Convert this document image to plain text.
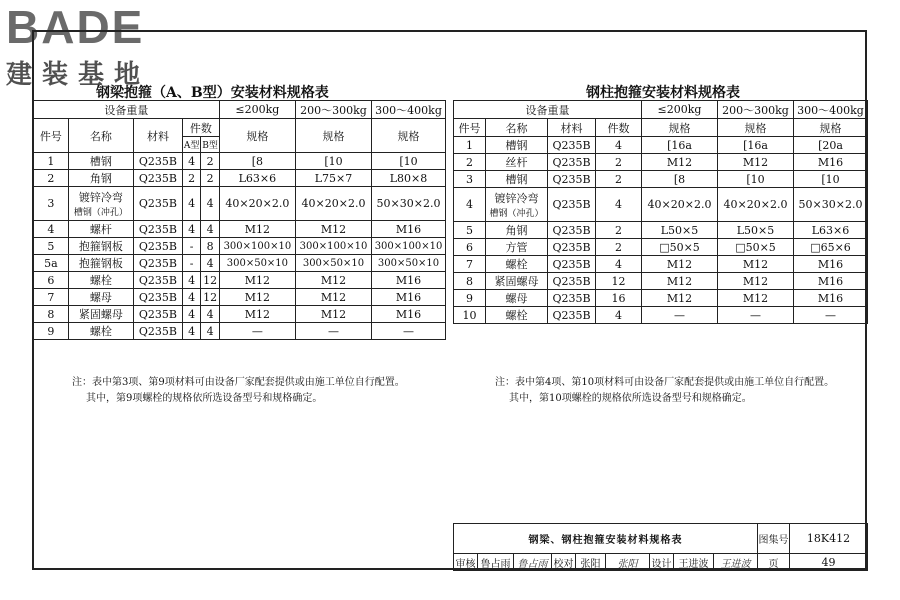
BADE
建装基地
钢梁抱箍（A、B型）安装材料规格表
设备重量					≤200kg	200～300kg	300～400kg
件号	名称	材料	件数		规格	规格	规格
			A型	B型			
1	槽钢	Q235B	4	2	[8	[10	[10
2	角钢	Q235B	2	2	L63×6	L75×7	L80×8
3	镀锌冷弯
槽钢（冲孔）	Q235B	4	4	40×20×2.0	40×20×2.0	50×30×2.0
4	螺杆	Q235B	4	4	M12	M12	M16
5	抱箍钢板	Q235B	-	8	300×100×10	300×100×10	300×100×10
5a	抱箍钢板	Q235B	-	4	300×50×10	300×50×10	300×50×10
6	螺栓	Q235B	4	12	M12	M12	M16
7	螺母	Q235B	4	12	M12	M12	M16
8	紧固螺母	Q235B	4	4	M12	M12	M16
9	螺栓	Q235B	4	4	—	—	—
钢柱抱箍安装材料规格表
设备重量				≤200kg	200～300kg	300～400kg
件号	名称	材料	件数	规格	规格	规格
1	槽钢	Q235B	4	[16a	[16a	[20a
2	丝杆	Q235B	2	M12	M12	M16
3	槽钢	Q235B	2	[8	[10	[10
4	镀锌冷弯
槽钢（冲孔）	Q235B	4	40×20×2.0	40×20×2.0	50×30×2.0
5	角钢	Q235B	2	L50×5	L50×5	L63×6
6	方管	Q235B	2	□50×5	□50×5	□65×6
7	螺栓	Q235B	4	M12	M12	M16
8	紧固螺母	Q235B	12	M12	M12	M16
9	螺母	Q235B	16	M12	M12	M16
10	螺栓	Q235B	4	—	—	—
注：表中第3项、第9项材料可由设备厂家配套提供或由施工单位自行配置。
其中，第9项螺栓的规格依所选设备型号和规格确定。
注：表中第4项、第10项材料可由设备厂家配套提供或由施工单位自行配置。
其中，第10项螺栓的规格依所选设备型号和规格确定。
钢梁、钢柱抱箍安装材料规格表									图集号	18K412
审核	鲁占雨	鲁占雨	校对	张阳	张阳	设计	王进波	王进波	页	49
